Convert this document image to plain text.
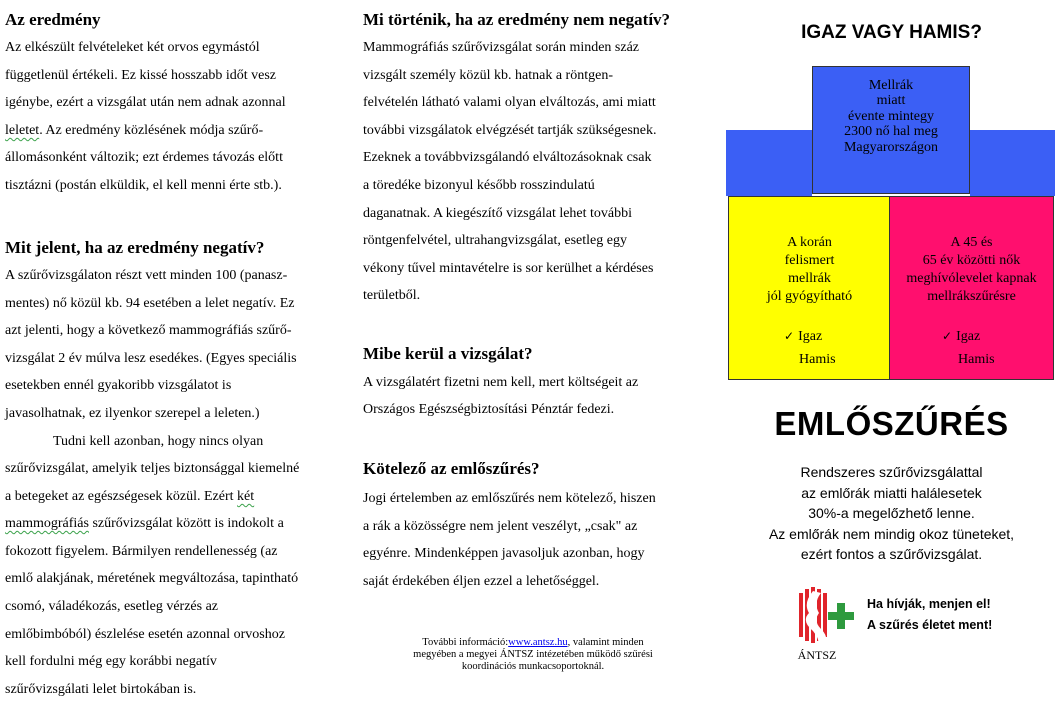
Az eredmény

Az elkészült felvételeket két orvos egymástól

függetlenül értékeli. Ez kissé hosszabb időt vesz

igénybe, ezért a vizsgálat után nem adnak azonnal

leletet. Az eredmény közlésének módja szűrő-

állomásonként változik; ezt érdemes távozás előtt

tisztázni (postán elküldik, el kell menni érte stb.).

Mit jelent, ha az eredmény negatív?

A szűrővizsgálaton részt vett minden 100 (panasz-

mentes) nő közül kb. 94 esetében a lelet negatív. Ez

azt jelenti, hogy a következő mammográfiás szűrő-

vizsgálat 2 év múlva lesz esedékes. (Egyes speciális

esetekben ennél gyakoribb vizsgálatot is

javasolhatnak, ez ilyenkor szerepel a leleten.)

Tudni kell azonban, hogy nincs olyan

szűrővizsgálat, amelyik teljes biztonsággal kiemelné

a betegeket az egészségesek közül. Ezért két

mammográfiás szűrővizsgálat között is indokolt a

fokozott figyelem. Bármilyen rendellenesség (az

emlő alakjának, méretének megváltozása, tapintható

csomó, váladékozás, esetleg vérzés az

emlőbimbóból) észlelése esetén azonnal orvoshoz

kell fordulni még egy korábbi negatív

szűrővizsgálati lelet birtokában is.

Mi történik, ha az eredmény nem negatív?

Mammográfiás szűrővizsgálat során minden száz

vizsgált személy közül kb. hatnak a röntgen-

felvételén látható valami olyan elváltozás, ami miatt

további vizsgálatok elvégzését tartják szükségesnek.

Ezeknek a továbbvizsgálandó elváltozásoknak csak

a töredéke bizonyul később rosszindulatú

daganatnak. A kiegészítő vizsgálat lehet további

röntgenfelvétel, ultrahangvizsgálat, esetleg egy

vékony tűvel mintavételre is sor kerülhet a kérdéses

területből.

Mibe kerül a vizsgálat?

A vizsgálatért fizetni nem kell, mert költségeit az

Országos Egészségbiztosítási Pénztár fedezi.

Kötelező az emlőszűrés?

Jogi értelemben az emlőszűrés nem kötelező, hiszen

a rák a közösségre nem jelent veszélyt, „csak" az

egyénre. Mindenképpen javasoljuk azonban, hogy

saját érdekében éljen ezzel a lehetőséggel.

További információ:www.antsz.hu, valamint minden
megyében a megyei ÁNTSZ intézetében működő szűrési
koordinációs munkacsoportoknál.
IGAZ VAGY HAMIS?
Mellrák
miatt
évente mintegy
2300 nő hal meg
Magyarországon
A korán
felismert
mellrák
jól gyógyítható
✓ Igaz
Hamis
A 45 és
65 év közötti nők
meghívólevelet kapnak
mellrákszűrésre
✓ Igaz
Hamis
EMLŐSZŰRÉS
Rendszeres szűrővizsgálattal
az emlőrák miatti halálesetek
30%-a megelőzhető lenne.
Az emlőrák nem mindig okoz tüneteket,
ezért fontos a szűrővizsgálat.
ÁNTSZ
Ha hívják, menjen el!
A szűrés életet ment!
